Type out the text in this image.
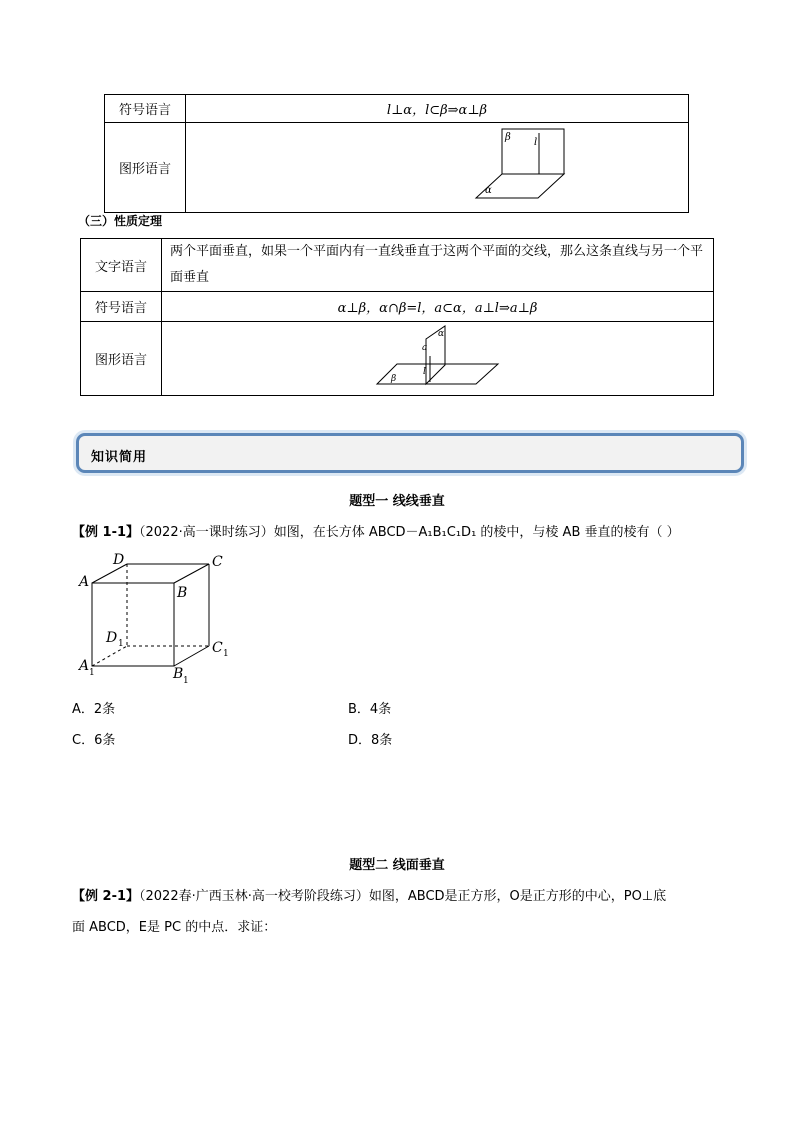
符号语言	l⊥α，l⊂β⇒α⊥β
图形语言	β l
α
（三）性质定理
文字语言	两个平面垂直，如果一个平面内有一直线垂直于这两个平面的交线，那么这条直线与另一个平面垂直
符号语言	α⊥β，α∩β=l，a⊂α，a⊥l⇒a⊥β
图形语言	α
a
l
β
知识简用
题型一 线线垂直
【例 1-1】（2022·高一课时练习）如图，在长方体 ABCD－A₁B₁C₁D₁ 的棱中，与棱 AB 垂直的棱有（ ）
D	C
A
B
D 1	C 1
A 1	B 1
A．2条	B．4条
C．6条	D．8条
题型二 线面垂直
【例 2-1】（2022春·广西玉林·高一校考阶段练习）如图，ABCD是正方形，O是正方形的中心，PO⊥底
面 ABCD，E是 PC 的中点．求证：
